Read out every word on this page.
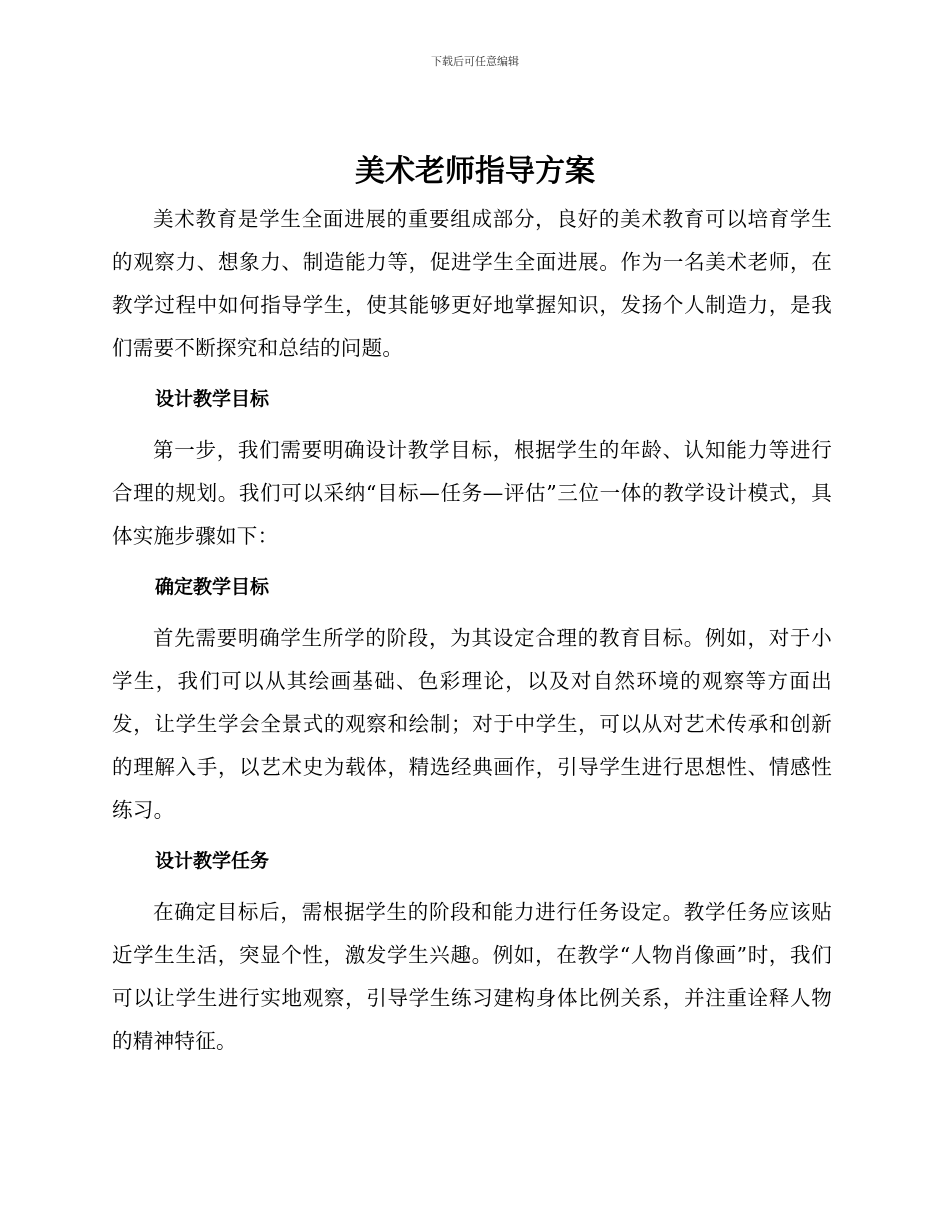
下载后可任意编辑
美术老师指导方案

美术教育是学生全面进展的重要组成部分，良好的美术教育可以培育学生的观察力、想象力、制造能力等，促进学生全面进展。作为一名美术老师，在教学过程中如何指导学生，使其能够更好地掌握知识，发扬个人制造力，是我们需要不断探究和总结的问题。

设计教学目标

第一步，我们需要明确设计教学目标，根据学生的年龄、认知能力等进行合理的规划。我们可以采纳“目标—任务—评估”三位一体的教学设计模式，具体实施步骤如下：

确定教学目标

首先需要明确学生所学的阶段，为其设定合理的教育目标。例如，对于小学生，我们可以从其绘画基础、色彩理论，以及对自然环境的观察等方面出发，让学生学会全景式的观察和绘制；对于中学生，可以从对艺术传承和创新的理解入手，以艺术史为载体，精选经典画作，引导学生进行思想性、情感性练习。

设计教学任务

在确定目标后，需根据学生的阶段和能力进行任务设定。教学任务应该贴近学生生活，突显个性，激发学生兴趣。例如，在教学“人物肖像画”时，我们可以让学生进行实地观察，引导学生练习建构身体比例关系，并注重诠释人物的精神特征。
